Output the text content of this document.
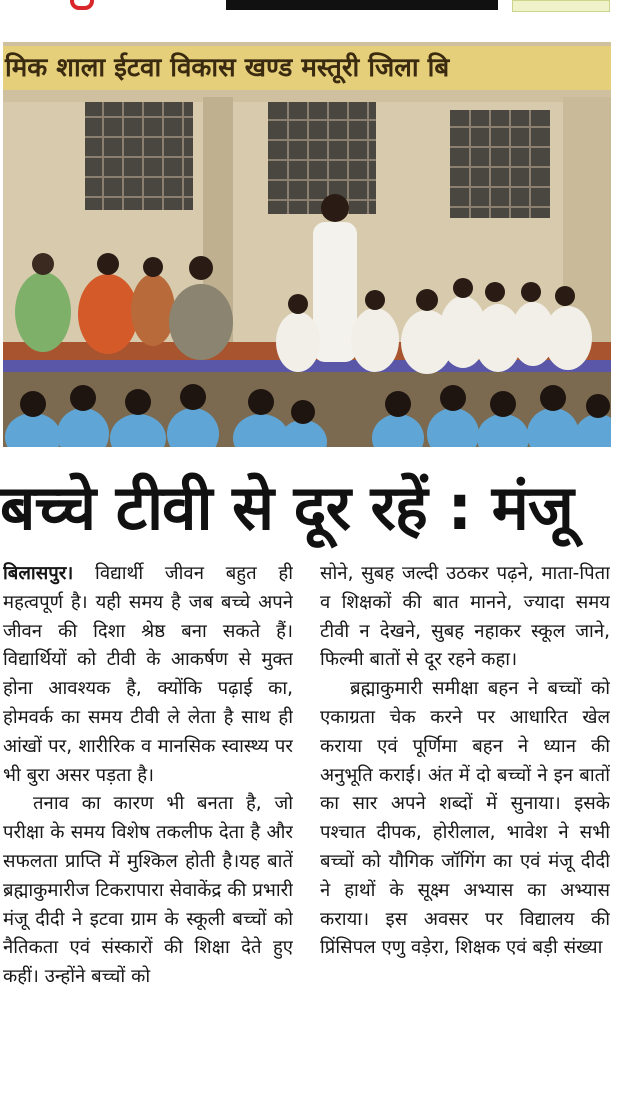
मिक शाला ईटवा विकास खण्ड मस्तूरी जिला बि
बच्चे टीवी से दूर रहें : मंजू

बिलासपुर। विद्यार्थी जीवन बहुत ही महत्वपूर्ण है। यही समय है जब बच्चे अपने जीवन की दिशा श्रेष्ठ बना सकते हैं। विद्यार्थियों को टीवी के आकर्षण से मुक्त होना आवश्यक है, क्योंकि पढ़ाई का, होमवर्क का समय टीवी ले लेता है साथ ही आंखों पर, शारीरिक व मानसिक स्वास्थ्य पर भी बुरा असर पड़ता है।

तनाव का कारण भी बनता है, जो परीक्षा के समय विशेष तकलीफ देता है और सफलता प्राप्ति में मुश्किल होती है।यह बातें ब्रह्माकुमारीज टिकरापारा सेवाकेंद्र की प्रभारी मंजू दीदी ने इटवा ग्राम के स्कूली बच्चों को नैतिकता एवं संस्कारों की शिक्षा देते हुए कहीं। उन्होंने बच्चों को

सोने, सुबह जल्दी उठकर पढ़ने, माता-पिता व शिक्षकों की बात मानने, ज्यादा समय टीवी न देखने, सुबह नहाकर स्कूल जाने, फिल्मी बातों से दूर रहने कहा।

ब्रह्माकुमारी समीक्षा बहन ने बच्चों को एकाग्रता चेक करने पर आधारित खेल कराया एवं पूर्णिमा बहन ने ध्यान की अनुभूति कराई। अंत में दो बच्चों ने इन बातों का सार अपने शब्दों में सुनाया। इसके पश्चात दीपक, होरीलाल, भावेश ने सभी बच्चों को यौगिक जॉगिंग का एवं मंजू दीदी ने हाथों के सूक्ष्म अभ्यास का अभ्यास कराया। इस अवसर पर विद्यालय की प्रिंसिपल एणु वड़ेरा, शिक्षक एवं बड़ी संख्या
